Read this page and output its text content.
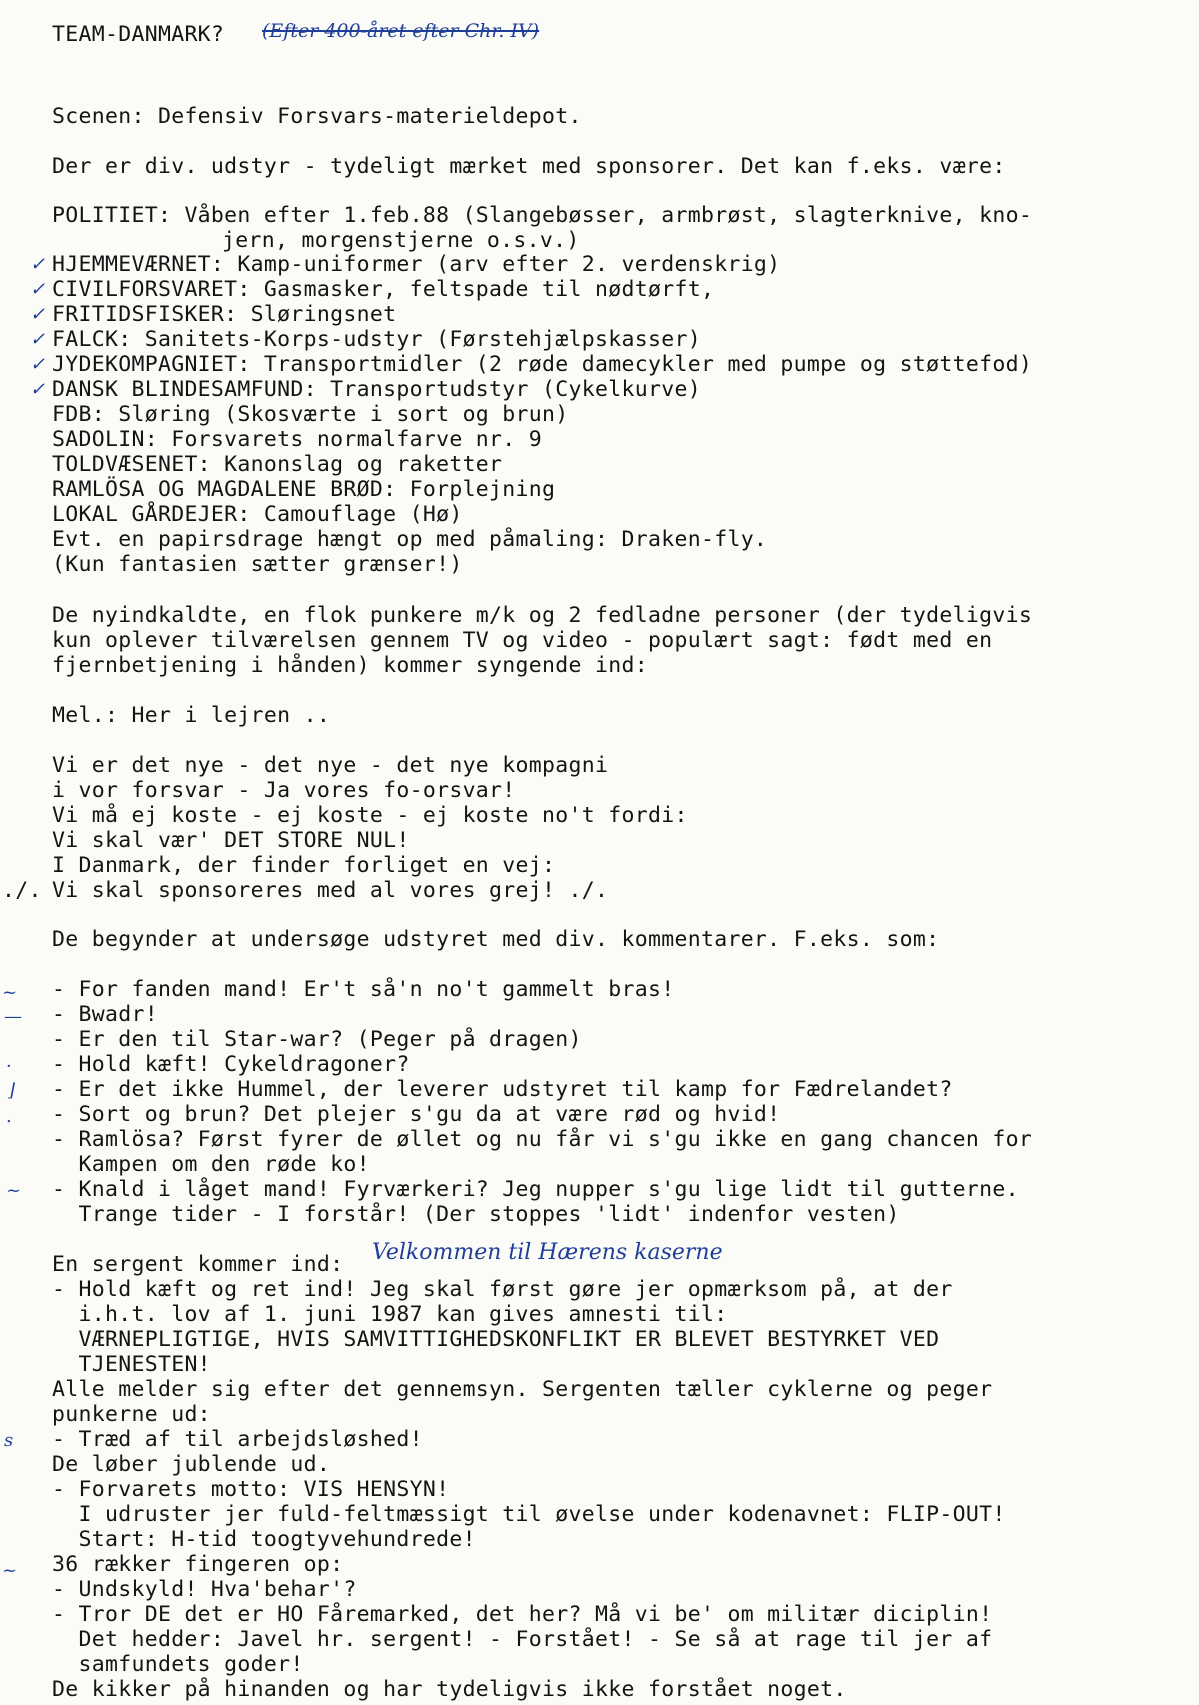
TEAM-DANMARK? (Efter 400-året efter Chr. IV)
Scenen: Defensiv Forsvars-materieldepot.
Der er div. udstyr - tydeligt mærket med sponsorer. Det kan f.eks. være:
POLITIET: Våben efter 1.feb.88 (Slangebøsser, armbrøst, slagterknive, kno-
jern, morgenstjerne o.s.v.)
HJEMMEVÆRNET: Kamp-uniformer (arv efter 2. verdenskrig)
CIVILFORSVARET: Gasmasker, feltspade til nødtørft,
FRITIDSFISKER: Sløringsnet
FALCK: Sanitets-Korps-udstyr (Førstehjælpskasser)
JYDEKOMPAGNIET: Transportmidler (2 røde damecykler med pumpe og støttefod)
DANSK BLINDESAMFUND: Transportudstyr (Cykelkurve)
FDB: Sløring (Skosværte i sort og brun)
SADOLIN: Forsvarets normalfarve nr. 9
TOLDVÆSENET: Kanonslag og raketter
RAMLÖSA OG MAGDALENE BRØD: Forplejning
LOKAL GÅRDEJER: Camouflage (Hø)
Evt. en papirsdrage hængt op med påmaling: Draken-fly.
(Kun fantasien sætter grænser!)
✓
✓
✓
✓
✓
✓
De nyindkaldte, en flok punkere m/k og 2 fedladne personer (der tydeligvis
kun oplever tilværelsen gennem TV og video - populært sagt: født med en
fjernbetjening i hånden) kommer syngende ind:
Mel.: Her i lejren ..
Vi er det nye - det nye - det nye kompagni
i vor forsvar - Ja vores fo-orsvar!
Vi må ej koste - ej koste - ej koste no't fordi:
Vi skal vær' DET STORE NUL!
I Danmark, der finder forliget en vej:
Vi skal sponsoreres med al vores grej! ./.
./.
De begynder at undersøge udstyret med div. kommentarer. F.eks. som:
- For fanden mand! Er't så'n no't gammelt bras!
- Bwadr!
- Er den til Star-war? (Peger på dragen)
- Hold kæft! Cykeldragoner?
- Er det ikke Hummel, der leverer udstyret til kamp for Fædrelandet?
- Sort og brun? Det plejer s'gu da at være rød og hvid!
- Ramlösa? Først fyrer de øllet og nu får vi s'gu ikke en gang chancen for
Kampen om den røde ko!
- Knald i låget mand! Fyrværkeri? Jeg nupper s'gu lige lidt til gutterne.
Trange tider - I forstår! (Der stoppes 'lidt' indenfor vesten)
~
—
·
⌋
.
~
En sergent kommer ind: Velkommen til Hærens kaserne
- Hold kæft og ret ind! Jeg skal først gøre jer opmærksom på, at der
i.h.t. lov af 1. juni 1987 kan gives amnesti til:
VÆRNEPLIGTIGE, HVIS SAMVITTIGHEDSKONFLIKT ER BLEVET BESTYRKET VED
TJENESTEN!
Alle melder sig efter det gennemsyn. Sergenten tæller cyklerne og peger
punkerne ud:
- Træd af til arbejdsløshed!
De løber jublende ud.
- Forvarets motto: VIS HENSYN!
I udruster jer fuld-feltmæssigt til øvelse under kodenavnet: FLIP-OUT!
Start: H-tid toogtyvehundrede!
36 rækker fingeren op:
- Undskyld! Hva'behar'?
- Tror DE det er HO Fåremarked, det her? Må vi be' om militær diciplin!
Det hedder: Javel hr. sergent! - Forstået! - Se så at rage til jer af
samfundets goder!
De kikker på hinanden og har tydeligvis ikke forstået noget.
s
~
